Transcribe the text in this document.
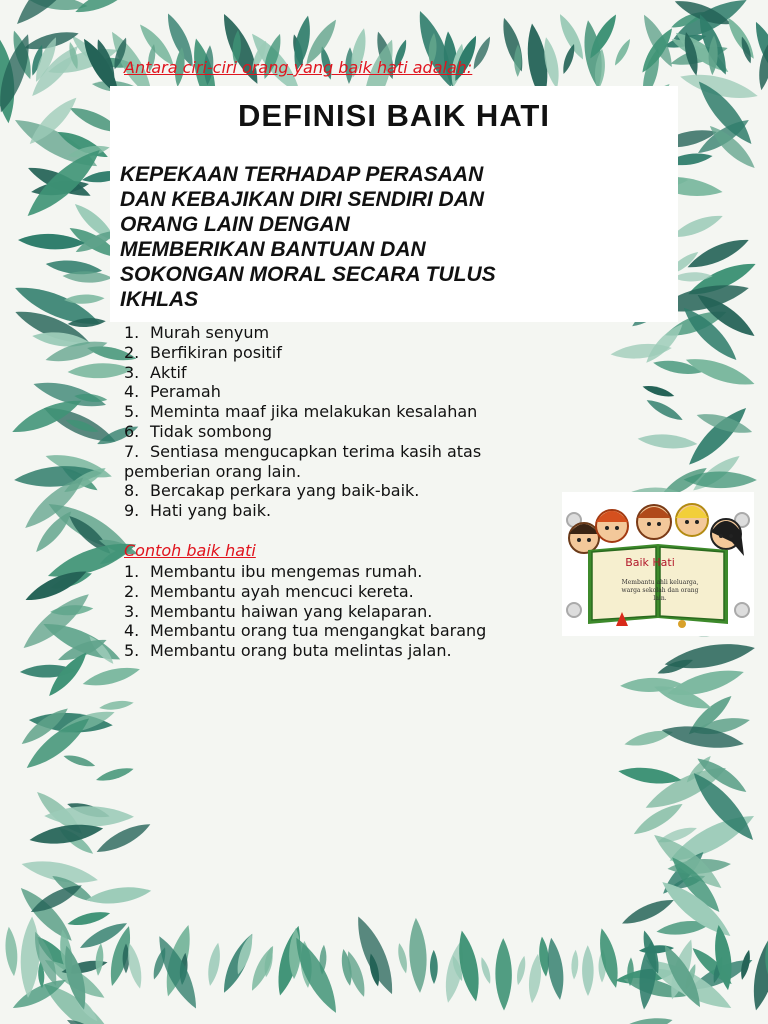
Antara ciri-ciri orang yang baik hati adalah:

DEFINISI BAIK HATI

KEPEKAAN TERHADAP PERASAAN
DAN KEBAJIKAN DIRI SENDIRI DAN
ORANG LAIN DENGAN
MEMBERIKAN BANTUAN DAN
SOKONGAN MORAL SECARA TULUS
IKHLAS

1. Murah senyum
2. Berfikiran positif
3. Aktif
4. Peramah
5. Meminta maaf jika melakukan kesalahan
6. Tidak sombong
7. Sentiasa mengucapkan terima kasih atas
pemberian orang lain.
8. Bercakap perkara yang baik-baik.
9. Hati yang baik.

Contoh baik hati

1. Membantu ibu mengemas rumah.
2. Membantu ayah mencuci kereta.
3. Membantu haiwan yang kelaparan.
4. Membantu orang tua mengangkat barang
5. Membantu orang buta melintas jalan.
Baik Hati
Membantu ahli keluarga,
warga sekolah dan orang
lain.
